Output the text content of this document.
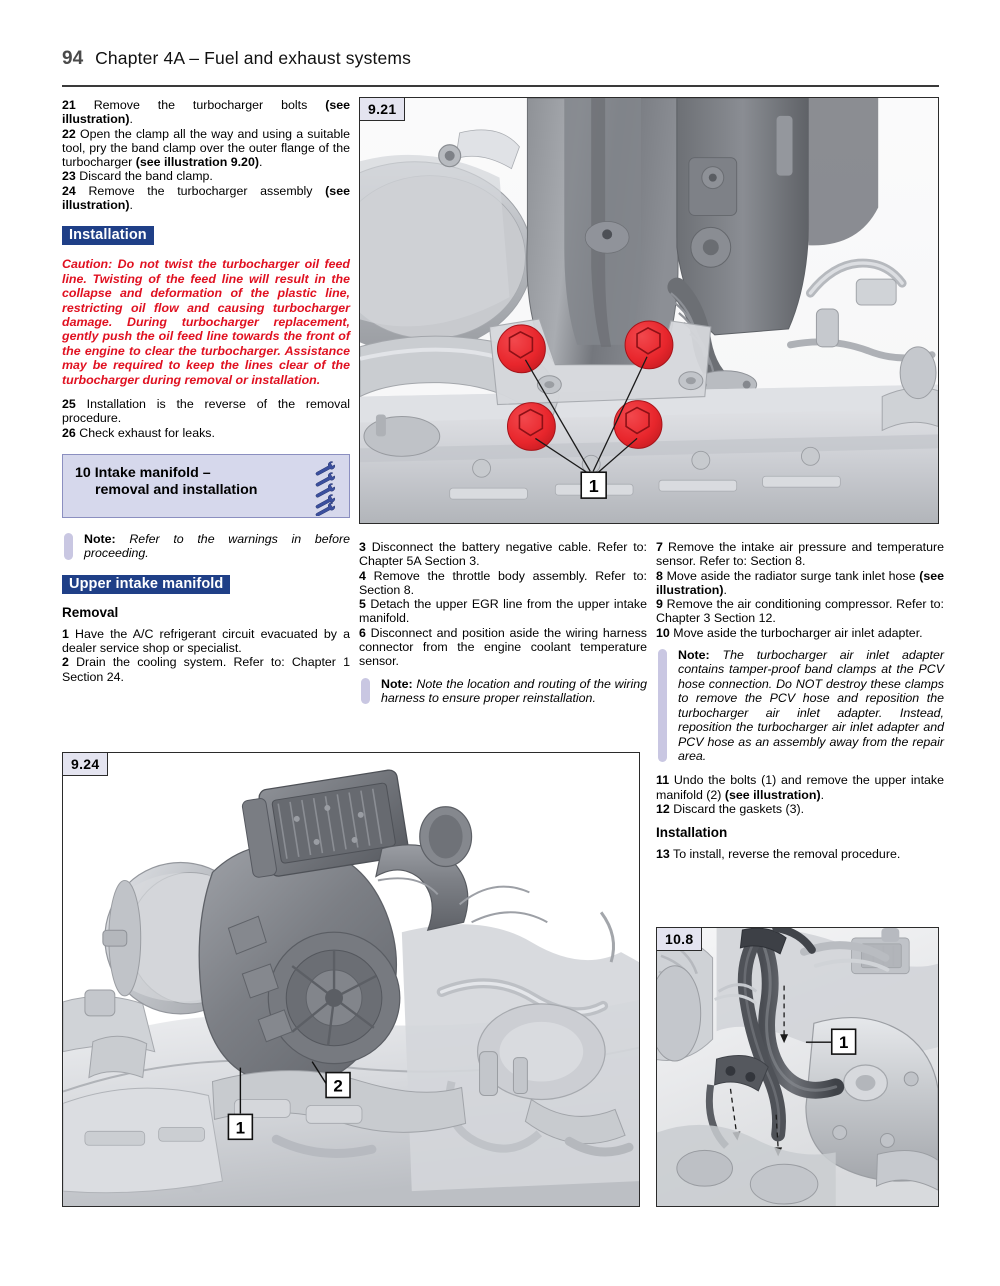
94 Chapter 4A – Fuel and exhaust systems

21 Remove the turbocharger bolts (see illustration).

22 Open the clamp all the way and using a suitable tool, pry the band clamp over the outer flange of the turbocharger (see illustration 9.20).

23 Discard the band clamp.

24 Remove the turbocharger assembly (see illustration).

Installation

Caution: Do not twist the turbocharger oil feed line. Twisting of the feed line will result in the collapse and deformation of the plastic line, restricting oil flow and causing turbocharger damage. During turbocharger replacement, gently push the oil feed line towards the front of the engine to clear the turbocharger. Assistance may be required to keep the lines clear of the turbocharger during removal or installation.

25 Installation is the reverse of the removal procedure.

26 Check exhaust for leaks.

10 Intake manifold –
removal and installation
Note: Refer to the warnings in before proceeding.
Upper intake manifold
Removal

1 Have the A/C refrigerant circuit evacuated by a dealer service shop or specialist.

2 Drain the cooling system. Refer to: Chapter 1 Section 24.

3 Disconnect the battery negative cable. Refer to: Chapter 5A Section 3.

4 Remove the throttle body assembly. Refer to: Section 8.

5 Detach the upper EGR line from the upper intake manifold.

6 Disconnect and position aside the wiring harness connector from the engine coolant temperature sensor.

Note: Note the location and routing of the wiring harness to ensure proper reinstallation.

7 Remove the intake air pressure and temperature sensor. Refer to: Section 8.

8 Move aside the radiator surge tank inlet hose (see illustration).

9 Remove the air conditioning compressor. Refer to: Chapter 3 Section 12.

10 Move aside the turbocharger air inlet adapter.

Note: The turbocharger air inlet adapter contains tamper-proof band clamps at the PCV hose connection. Do NOT destroy these clamps to remove the PCV hose and reposition the turbocharger air inlet adapter. Instead, reposition the turbocharger air inlet adapter and PCV hose as an assembly away from the repair area.

11 Undo the bolts (1) and remove the upper intake manifold (2) (see illustration).

12 Discard the gaskets (3).

Installation

13 To install, reverse the removal procedure.

1
9.21
1
2
9.24
1
10.8
